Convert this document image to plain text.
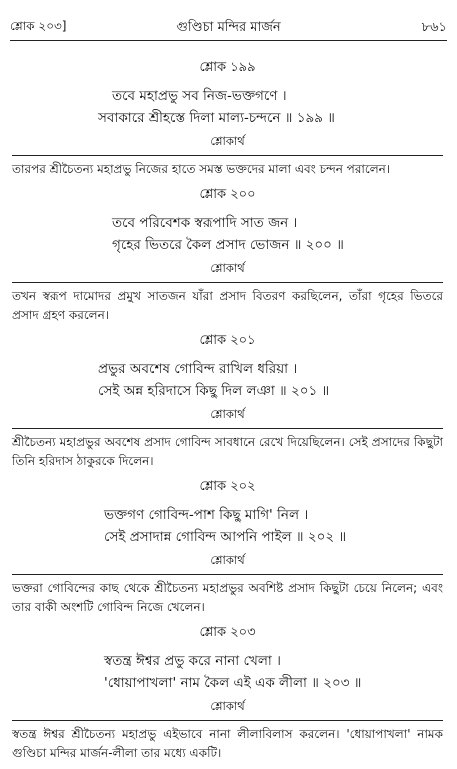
শ্লোক ২০৩]	গুণ্ডিচা মন্দির মার্জন	৮৬১
শ্লোক ১৯৯
তবে মহাপ্রভু সব নিজ-ভক্তগণে ।
সবাকারে শ্রীহস্তে দিলা মাল্য-চন্দনে ॥ ১৯৯ ॥
শ্লোকার্থ

তারপর শ্রীচৈতন্য মহাপ্রভু নিজের হাতে সমস্ত ভক্তদের মালা এবং চন্দন পরালেন।

শ্লোক ২০০
তবে পরিবেশক স্বরূপাদি সাত জন ।
গৃহের ভিতরে কৈল প্রসাদ ভোজন ॥ ২০০ ॥
শ্লোকার্থ

তখন স্বরূপ দামোদর প্রমুখ সাতজন যাঁরা প্রসাদ বিতরণ করছিলেন, তাঁরা গৃহের ভিতরে প্রসাদ গ্রহণ করলেন।

শ্লোক ২০১
প্রভুর অবশেষ গোবিন্দ রাখিল ধরিয়া ।
সেই অন্ন হরিদাসে কিছু দিল লঞা ॥ ২০১ ॥
শ্লোকার্থ

শ্রীচৈতন্য মহাপ্রভুর অবশেষ প্রসাদ গোবিন্দ সাবধানে রেখে দিয়েছিলেন। সেই প্রসাদের কিছুটা তিনি হরিদাস ঠাকুরকে দিলেন।

শ্লোক ২০২
ভক্তগণ গোবিন্দ-পাশ কিছু মাগি' নিল ।
সেই প্রসাদান্ন গোবিন্দ আপনি পাইল ॥ ২০২ ॥
শ্লোকার্থ

ভক্তরা গোবিন্দের কাছ থেকে শ্রীচৈতন্য মহাপ্রভুর অবশিষ্ট প্রসাদ কিছুটা চেয়ে নিলেন; এবং তার বাকী অংশটি গোবিন্দ নিজে খেলেন।

শ্লোক ২০৩
স্বতন্ত্র ঈশ্বর প্রভু করে নানা খেলা ।
'ধোয়াপাখলা' নাম কৈল এই এক লীলা ॥ ২০৩ ॥
শ্লোকার্থ

স্বতন্ত্র ঈশ্বর শ্রীচৈতন্য মহাপ্রভু এইভাবে নানা লীলাবিলাস করলেন। 'ধোয়াপাখলা' নামক গুণ্ডিচা মন্দির মার্জন-লীলা তার মধ্যে একটি।
